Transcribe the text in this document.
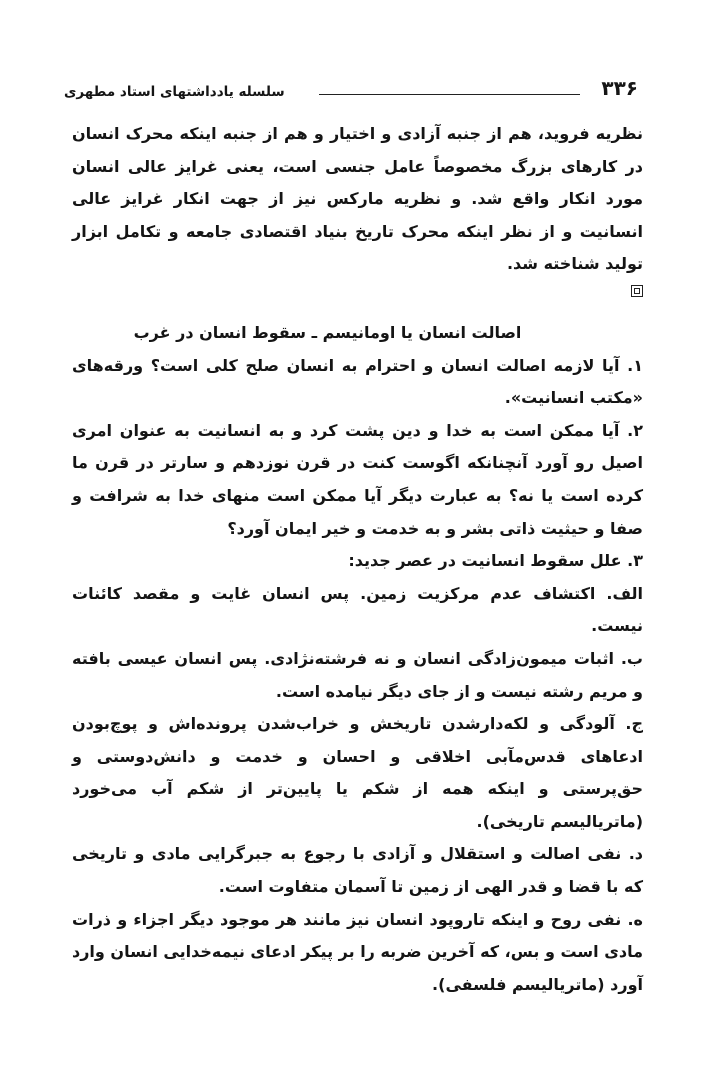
۳۳۶
سلسله یادداشتهای استاد مطهری

نظریه فروید، هم از جنبه آزادی و اختیار و هم از جنبه اینکه محرک انسان در کارهای بزرگ مخصوصاً عامل جنسی است، یعنی غرایز عالی انسان مورد انکار واقع شد. و نظریه مارکس نیز از جهت انکار غرایز عالی انسانیت و از نظر اینکه محرک تاریخ بنیاد اقتصادی جامعه و تکامل ابزار تولید شناخته شد.

اصالت انسان یا اومانیسم ـ سقوط انسان در غرب

۱. آیا لازمه اصالت انسان و احترام به انسان صلح کلی است؟ ورقه‌های «مکتب انسانیت».

۲. آیا ممکن است به خدا و دین پشت کرد و به انسانیت به عنوان امری اصیل رو آورد آنچنانکه اگوست کنت در قرن نوزدهم و سارتر در قرن ما کرده است یا نه؟ به عبارت دیگر آیا ممکن است منهای خدا به شرافت و صفا و حیثیت ذاتی بشر و به خدمت و خیر ایمان آورد؟

۳. علل سقوط انسانیت در عصر جدید:

الف. اکتشاف عدم مرکزیت زمین. پس انسان غایت و مقصد کائنات نیست.

ب. اثبات میمون‌زادگی انسان و نه فرشته‌نژادی. پس انسان عیسی بافته و مریم رشته نیست و از جای دیگر نیامده است.

ج. آلودگی و لکه‌دارشدن تاریخش و خراب‌شدن پرونده‌اش و پوچ‌بودن ادعاهای قدس‌مآبی اخلاقی و احسان و خدمت و دانش‌دوستی و حق‌پرستی و اینکه همه از شکم یا پایین‌تر از شکم آب می‌خورد (ماتریالیسم تاریخی).

د. نفی اصالت و استقلال و آزادی با رجوع به جبرگرایی مادی و تاریخی که با قضا و قدر الهی از زمین تا آسمان متفاوت است.

ه. نفی روح و اینکه تاروپود انسان نیز مانند هر موجود دیگر اجزاء و ذرات مادی است و بس، که آخرین ضربه را بر پیکر ادعای نیمه‌خدایی انسان وارد آورد (ماتریالیسم فلسفی).
